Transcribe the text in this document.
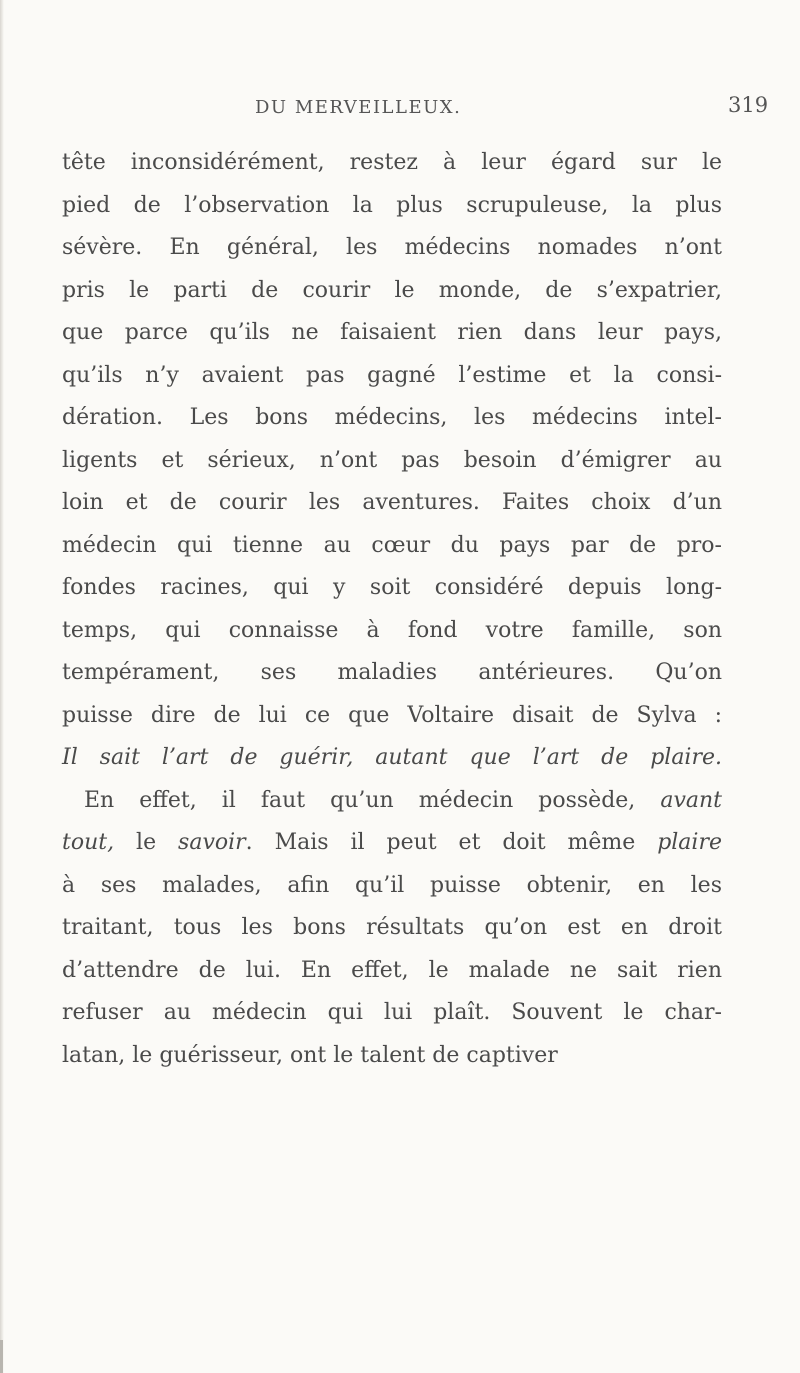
DU MERVEILLEUX.	319
tête inconsidérément, restez à leur égard sur le
pied de l’observation la plus scrupuleuse, la plus
sévère. En général, les médecins nomades n’ont
pris le parti de courir le monde, de s’expatrier,
que parce qu’ils ne faisaient rien dans leur pays,
qu’ils n’y avaient pas gagné l’estime et la consi-
dération. Les bons médecins, les médecins intel-
ligents et sérieux, n’ont pas besoin d’émigrer au
loin et de courir les aventures. Faites choix d’un
médecin qui tienne au cœur du pays par de pro-
fondes racines, qui y soit considéré depuis long-
temps, qui connaisse à fond votre famille, son
tempérament, ses maladies antérieures. Qu’on
puisse dire de lui ce que Voltaire disait de Sylva :
Il sait l’art de guérir, autant que l’art de plaire.
En effet, il faut qu’un médecin possède, avant
tout, le savoir. Mais il peut et doit même plaire
à ses malades, afin qu’il puisse obtenir, en les
traitant, tous les bons résultats qu’on est en droit
d’attendre de lui. En effet, le malade ne sait rien
refuser au médecin qui lui plaît. Souvent le char-
latan, le guérisseur, ont le talent de captiver
